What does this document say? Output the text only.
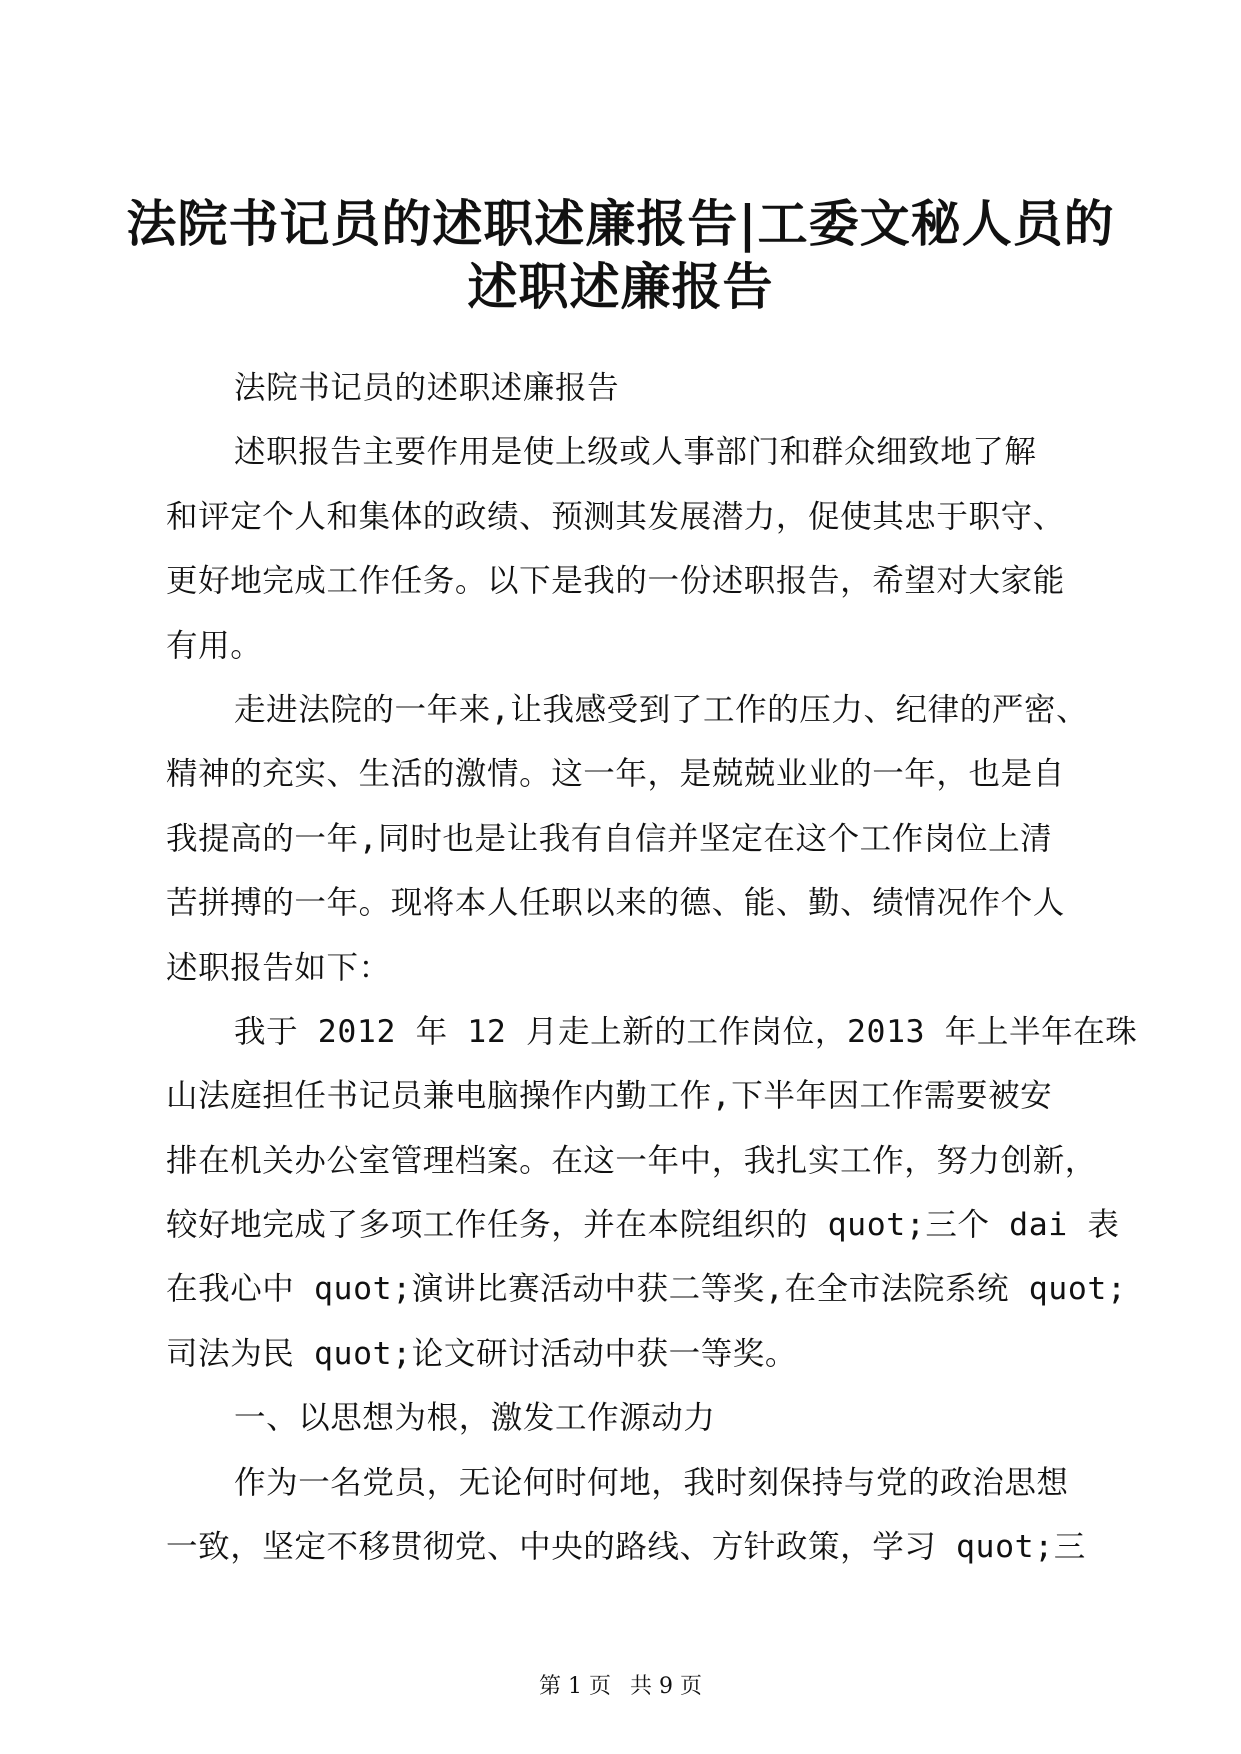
法院书记员的述职述廉报告|工委文秘人员的
述职述廉报告
法院书记员的述职述廉报告
述职报告主要作用是使上级或人事部门和群众细致地了解
和评定个人和集体的政绩、预测其发展潜力，促使其忠于职守、
更好地完成工作任务。以下是我的一份述职报告，希望对大家能
有用。
走进法院的一年来,让我感受到了工作的压力、纪律的严密、
精神的充实、生活的激情。这一年，是兢兢业业的一年，也是自
我提高的一年,同时也是让我有自信并坚定在这个工作岗位上清
苦拼搏的一年。现将本人任职以来的德、能、勤、绩情况作个人
述职报告如下：
我于 2012 年 12 月走上新的工作岗位，2013 年上半年在珠
山法庭担任书记员兼电脑操作内勤工作,下半年因工作需要被安
排在机关办公室管理档案。在这一年中，我扎实工作，努力创新，
较好地完成了多项工作任务，并在本院组织的 quot;三个 dai 表
在我心中 quot;演讲比赛活动中获二等奖,在全市法院系统 quot;
司法为民 quot;论文研讨活动中获一等奖。
一、以思想为根，激发工作源动力
作为一名党员，无论何时何地，我时刻保持与党的政治思想
一致，坚定不移贯彻党、中央的路线、方针政策，学习 quot;三
第 1 页 共 9 页
